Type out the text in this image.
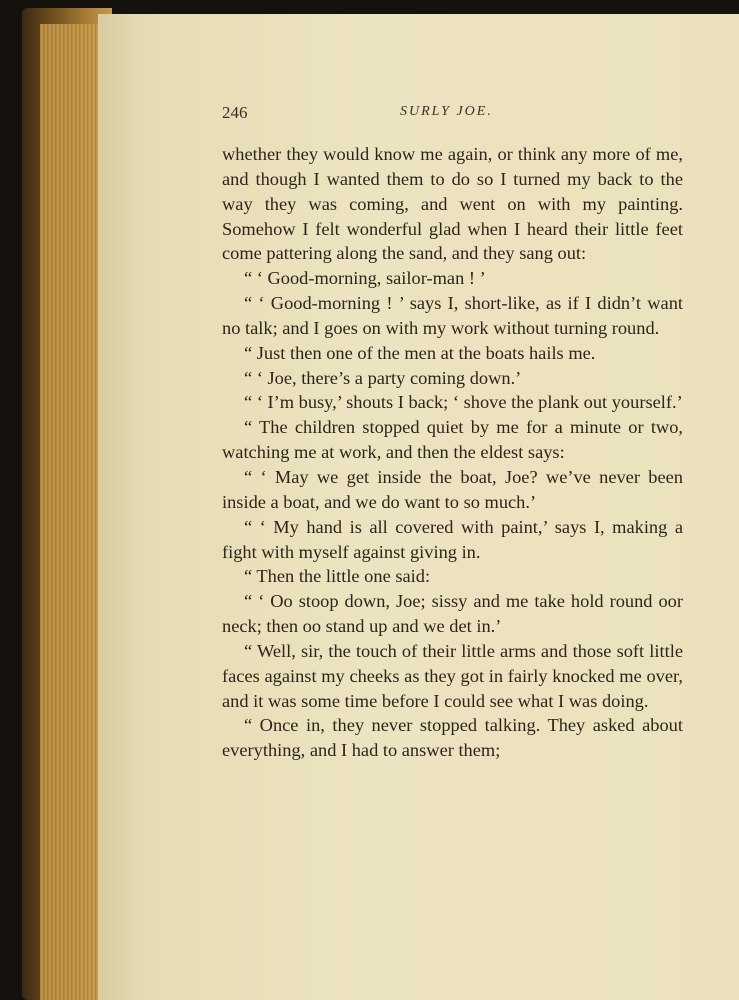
246	SURLY JOE.

whether they would know me again, or think any more of me, and though I wanted them to do so I turned my back to the way they was coming, and went on with my painting. Somehow I felt wonderful glad when I heard their little feet come pattering along the sand, and they sang out:

“ ‘ Good-morning, sailor-man ! ’

“ ‘ Good-morning ! ’ says I, short-like, as if I didn’t want no talk; and I goes on with my work without turning round.

“ Just then one of the men at the boats hails me.

“ ‘ Joe, there’s a party coming down.’

“ ‘ I’m busy,’ shouts I back; ‘ shove the plank out yourself.’

“ The children stopped quiet by me for a minute or two, watching me at work, and then the eldest says:

“ ‘ May we get inside the boat, Joe? we’ve never been inside a boat, and we do want to so much.’

“ ‘ My hand is all covered with paint,’ says I, making a fight with myself against giving in.

“ Then the little one said:

“ ‘ Oo stoop down, Joe; sissy and me take hold round oor neck; then oo stand up and we det in.’

“ Well, sir, the touch of their little arms and those soft little faces against my cheeks as they got in fairly knocked me over, and it was some time before I could see what I was doing.

“ Once in, they never stopped talking. They asked about everything, and I had to answer them;
